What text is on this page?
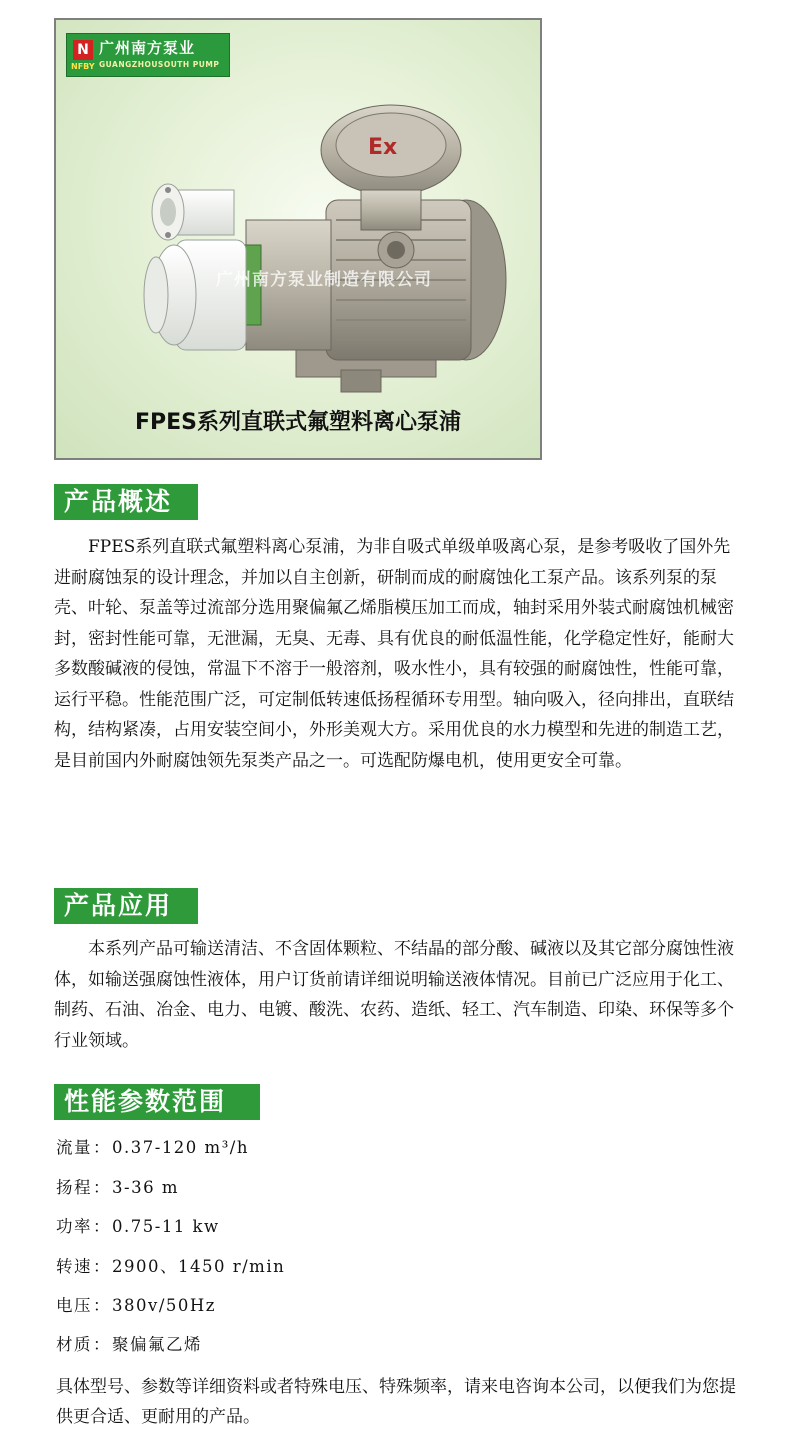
N
NFBY
广州南方泵业
GUANGZHOUSOUTH PUMP
Ex
广州南方泵业制造有限公司
FPES系列直联式氟塑料离心泵浦
产品概述

FPES系列直联式氟塑料离心泵浦，为非自吸式单级单吸离心泵，是参考吸收了国外先进耐腐蚀泵的设计理念，并加以自主创新，研制而成的耐腐蚀化工泵产品。该系列泵的泵壳、叶轮、泵盖等过流部分选用聚偏氟乙烯脂模压加工而成，轴封采用外装式耐腐蚀机械密封，密封性能可靠，无泄漏，无臭、无毒、具有优良的耐低温性能，化学稳定性好，能耐大多数酸碱液的侵蚀，常温下不溶于一般溶剂，吸水性小，具有较强的耐腐蚀性，性能可靠，运行平稳。性能范围广泛，可定制低转速低扬程循环专用型。轴向吸入，径向排出，直联结构，结构紧凑，占用安装空间小，外形美观大方。采用优良的水力模型和先进的制造工艺，是目前国内外耐腐蚀领先泵类产品之一。可选配防爆电机，使用更安全可靠。

产品应用

本系列产品可输送清洁、不含固体颗粒、不结晶的部分酸、碱液以及其它部分腐蚀性液体，如输送强腐蚀性液体，用户订货前请详细说明输送液体情况。目前已广泛应用于化工、制药、石油、冶金、电力、电镀、酸洗、农药、造纸、轻工、汽车制造、印染、环保等多个行业领域。

性能参数范围
流量：0.37-120 m³/h
扬程：3-36 m
功率：0.75-11 kw
转速：2900、1450 r/min
电压：380v/50Hz
材质：聚偏氟乙烯

具体型号、参数等详细资料或者特殊电压、特殊频率，请来电咨询本公司，以便我们为您提供更合适、更耐用的产品。
